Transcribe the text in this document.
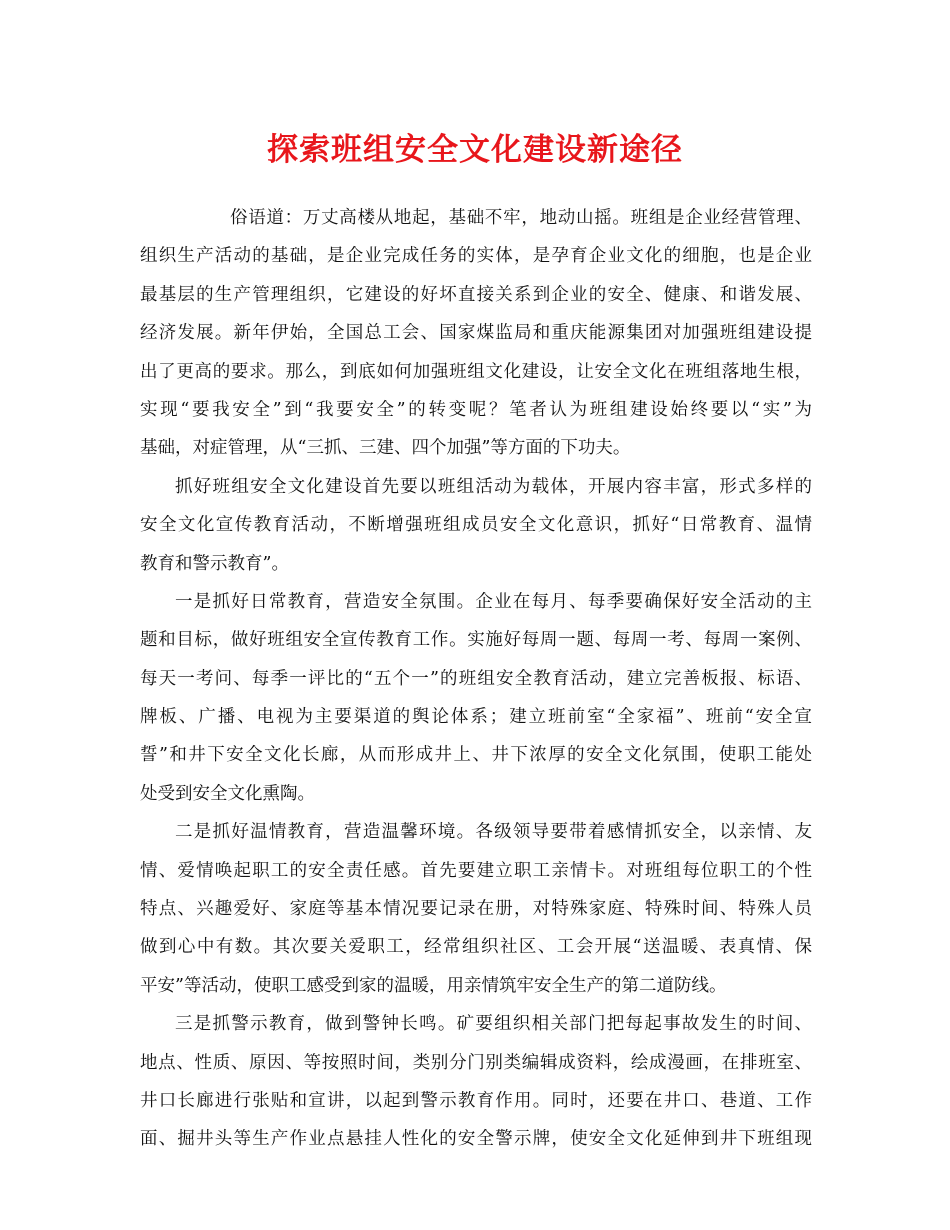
探索班组安全文化建设新途径
俗语道：万丈高楼从地起，基础不牢，地动山摇。班组是企业经营管理、
组织生产活动的基础，是企业完成任务的实体，是孕育企业文化的细胞，也是企业
最基层的生产管理组织，它建设的好坏直接关系到企业的安全、健康、和谐发展、
经济发展。新年伊始，全国总工会、国家煤监局和重庆能源集团对加强班组建设提
出了更高的要求。那么，到底如何加强班组文化建设，让安全文化在班组落地生根，
实现“要我安全”到“我要安全”的转变呢？笔者认为班组建设始终要以“实”为
基础，对症管理，从“三抓、三建、四个加强”等方面的下功夫。
抓好班组安全文化建设首先要以班组活动为载体，开展内容丰富，形式多样的
安全文化宣传教育活动，不断增强班组成员安全文化意识，抓好“日常教育、温情
教育和警示教育”。
一是抓好日常教育，营造安全氛围。企业在每月、每季要确保好安全活动的主
题和目标，做好班组安全宣传教育工作。实施好每周一题、每周一考、每周一案例、
每天一考问、每季一评比的“五个一”的班组安全教育活动，建立完善板报、标语、
牌板、广播、电视为主要渠道的舆论体系；建立班前室“全家福”、班前“安全宣
誓”和井下安全文化长廊，从而形成井上、井下浓厚的安全文化氛围，使职工能处
处受到安全文化熏陶。
二是抓好温情教育，营造温馨环境。各级领导要带着感情抓安全，以亲情、友
情、爱情唤起职工的安全责任感。首先要建立职工亲情卡。对班组每位职工的个性
特点、兴趣爱好、家庭等基本情况要记录在册，对特殊家庭、特殊时间、特殊人员
做到心中有数。其次要关爱职工，经常组织社区、工会开展“送温暖、表真情、保
平安”等活动，使职工感受到家的温暖，用亲情筑牢安全生产的第二道防线。
三是抓警示教育，做到警钟长鸣。矿要组织相关部门把每起事故发生的时间、
地点、性质、原因、等按照时间，类别分门别类编辑成资料，绘成漫画，在排班室、
井口长廊进行张贴和宣讲，以起到警示教育作用。同时，还要在井口、巷道、工作
面、掘井头等生产作业点悬挂人性化的安全警示牌，使安全文化延伸到井下班组现
